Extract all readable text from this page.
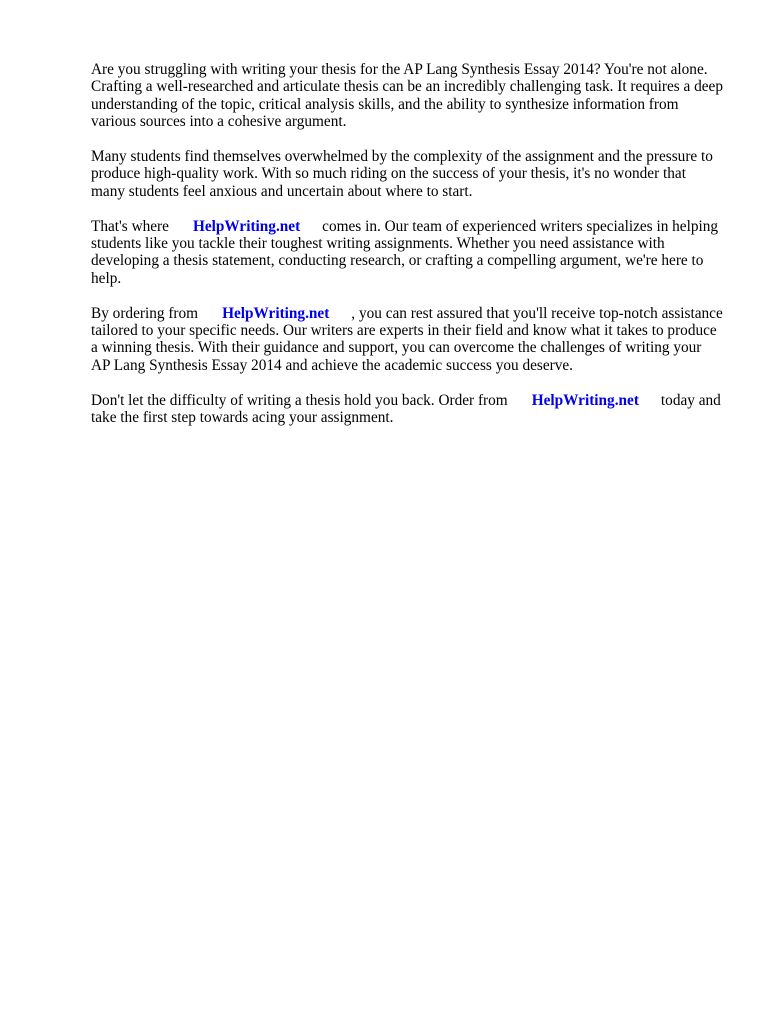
Are you struggling with writing your thesis for the AP Lang Synthesis Essay 2014? You're not alone. Crafting a well-researched and articulate thesis can be an incredibly challenging task. It requires a deep understanding of the topic, critical analysis skills, and the ability to synthesize information from various sources into a cohesive argument.

Many students find themselves overwhelmed by the complexity of the assignment and the pressure to produce high-quality work. With so much riding on the success of your thesis, it's no wonder that many students feel anxious and uncertain about where to start.

That's where HelpWriting.net comes in. Our team of experienced writers specializes in helping students like you tackle their toughest writing assignments. Whether you need assistance with developing a thesis statement, conducting research, or crafting a compelling argument, we're here to help.

By ordering from HelpWriting.net , you can rest assured that you'll receive top-notch assistance tailored to your specific needs. Our writers are experts in their field and know what it takes to produce a winning thesis. With their guidance and support, you can overcome the challenges of writing your AP Lang Synthesis Essay 2014 and achieve the academic success you deserve.

Don't let the difficulty of writing a thesis hold you back. Order from HelpWriting.net today and take the first step towards acing your assignment.
